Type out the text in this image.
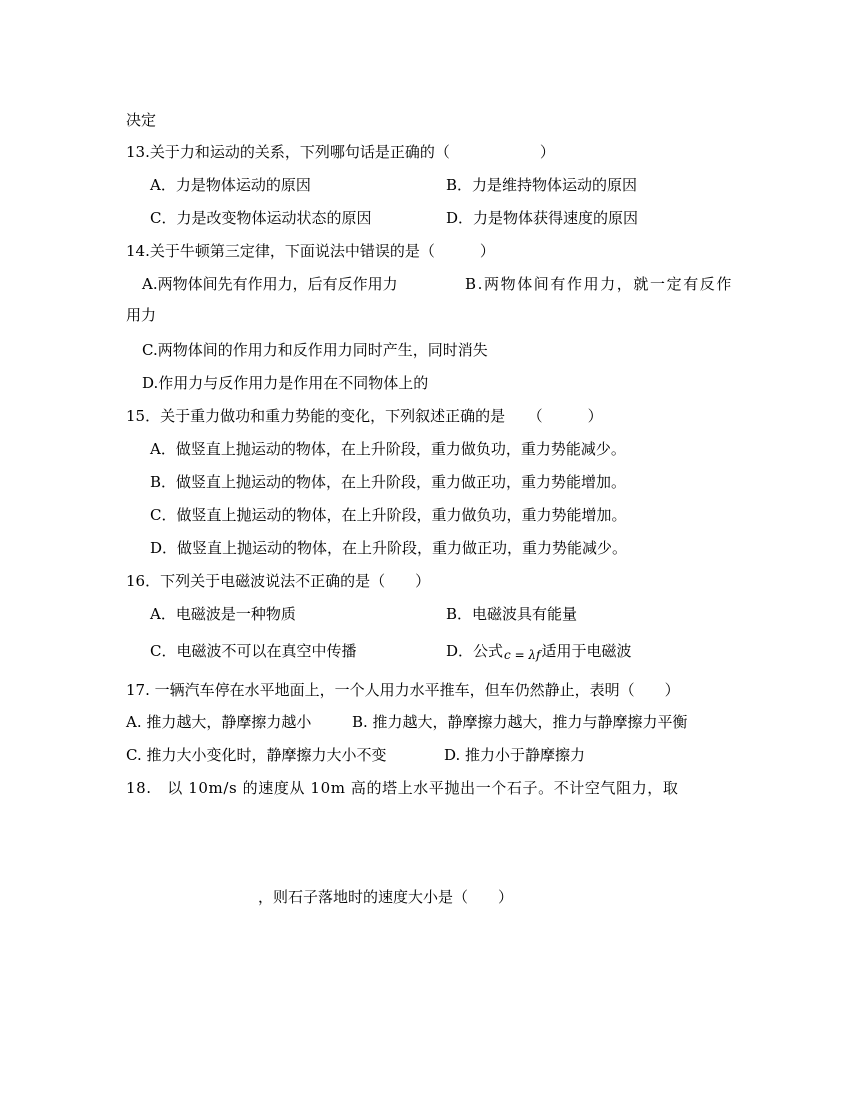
决定
13.关于力和运动的关系，下列哪句话是正确的（　　　　　　）
A．力是物体运动的原因	B．力是维持物体运动的原因
C．力是改变物体运动状态的原因	D．力是物体获得速度的原因
14.关于牛顿第三定律，下面说法中错误的是（　　　）
A.两物体间先有作用力，后有反作用力	B.两物体间有作用力，就一定有反作
用力
C.两物体间的作用力和反作用力同时产生，同时消失
D.作用力与反作用力是作用在不同物体上的
15．关于重力做功和重力势能的变化，下列叙述正确的是　　（　　　）
A．做竖直上抛运动的物体，在上升阶段，重力做负功，重力势能减少。
B．做竖直上抛运动的物体，在上升阶段，重力做正功，重力势能增加。
C．做竖直上抛运动的物体，在上升阶段，重力做负功，重力势能增加。
D．做竖直上抛运动的物体，在上升阶段，重力做正功，重力势能减少。
16．下列关于电磁波说法不正确的是（　　）
A．电磁波是一种物质	B．电磁波具有能量
C．电磁波不可以在真空中传播	D．公式$_{c = \lambda f}$适用于电磁波
17. 一辆汽车停在水平地面上，一个人用力水平推车，但车仍然静止，表明（　　）
A. 推力越大，静摩擦力越小	B. 推力越大，静摩擦力越大，推力与静摩擦力平衡
C. 推力大小变化时，静摩擦力大小不变	D. 推力小于静摩擦力
18.　以 10m/s 的速度从 10m 高的塔上水平抛出一个石子。不计空气阻力，取
，则石子落地时的速度大小是（　　）
